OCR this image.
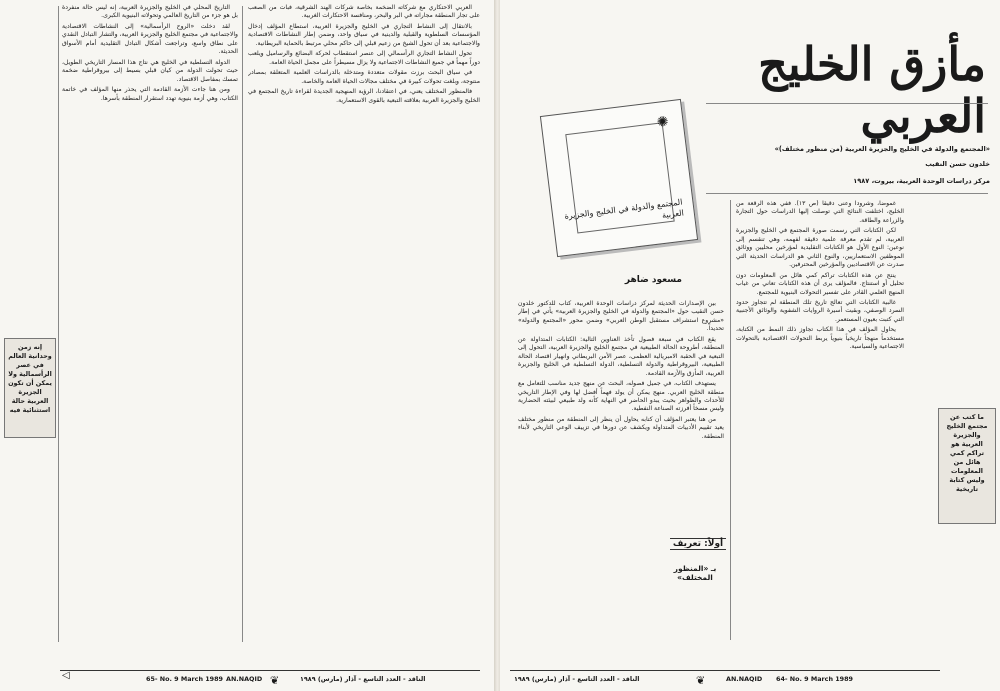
العربي الاحتكاري مع شركاته الضخمة بخاصة شركات الهند الشرقية، فبات من الصعب على تجار المنطقة مجاراته في البر والبحر، ومنافسة الاحتكارات الغربية.

بالانتقال إلى النشاط التجاري في الخليج والجزيرة العربية، استطاع المؤلف إدخال المؤسسات السلطوية والقبلية والدينية في سياق واحد، وضمن إطار النشاطات الاقتصادية والاجتماعية بعد أن تحول الشيخ من زعيم قبلي إلى حاكم محلي مرتبط بالحماية البريطانية.

تحول النشاط التجاري الرأسمالي إلى عنصر استقطاب لحركة البضائع والرساميل ويلعب دوراً مهماً في جميع النشاطات الاجتماعية ولا يزال مسيطراً على مجمل الحياة العامة.

في سياق البحث برزت مقولات متعددة ومتدخلة بالدراسات العلمية المتعلقة بمصادر منتوجة، وبلغت تحولات كبيرة في مختلف مجالات الحياة العامة والخاصة.

فالمنظور المختلف يعني، في اعتقادنا، الرؤية المنهجية الجديدة لقراءة تاريخ المجتمع في الخليج والجزيرة العربية بعلاقته التبعية بالقوى الاستعمارية.

التاريخ المحلي في الخليج والجزيرة العربية، إنه ليس حالة منفردة بل هو جزء من التاريخ العالمي وتحولاته البنيوية الكبرى.

لقد دخلت «الروح الرأسمالية» إلى النشاطات الاقتصادية والاجتماعية في مجتمع الخليج والجزيرة العربية، والتشار التبادل النقدي على نطاق واسع، وتراجعت أشكال التبادل التقليدية أمام الأسواق الحديثة.

الدولة التسلطية في الخليج هي نتاج هذا المسار التاريخي الطويل، حيث تحولت الدولة من كيان قبلي بسيط إلى بيروقراطية ضخمة تمسك بمفاصل الاقتصاد.

ومن هنا جاءت الأزمة القادمة التي يحذر منها المؤلف في خاتمة الكتاب، وهي أزمة بنيوية تهدد استقرار المنطقة بأسرها.

إنه زمن وحدانية العالم في عصر الرأسمالية ولا يمكن أن تكون الجزيرة العربية حالة استثنائية فيه
◁	65- No. 9 March 1989 AN.NAQID ❦	الناقد - العدد التاسع - آذار (مارس) ١٩٨٩
مأزق الخليج العربي
«المجتمع والدولة في الخليج والجزيرة العربية (من منظور مختلف)»
خلدون حسن النقيب
مركز دراسات الوحدة العربية، بيروت، ١٩٨٧
✺
المجتمع والدولة في الخليج والجزيرة العربية
مسعود ضاهر

بين الإصدارات الحديثة لمركز دراسات الوحدة العربية، كتاب للدكتور خلدون حسن النقيب حول «المجتمع والدولة في الخليج والجزيرة العربية» يأتي في إطار «مشروع استشراف مستقبل الوطن العربي» وضمن محور «المجتمع والدولة» تحديداً.

يقع الكتاب في سبعة فصول تأخذ العناوين التالية: الكتابات المتداولة عن المنطقة، أطروحة الحالة الطبيعية في مجتمع الخليج والجزيرة العربية، التحول إلى التبعية في الحقبة الامبريالية العظمى، عصر الأمن البريطاني وانهيار اقتصاد الحالة الطبيعية، البيروقراطية والدولة التسلطية، الدولة التسلطية في الخليج والجزيرة العربية، المأزق والأزمة القادمة.

يستهدف الكتاب، في جميل فصوله، البحث عن منهج جديد مناسب للتعامل مع منطقة الخليج العربي. منهج يمكن أن يولد فهماً أفضل لها وفي الإطار التاريخي للأحداث والظواهر بحيث يبدو الحاضر في النهاية كأنه ولد طبيعي لبيئته الحضارية وليس مسخاً أفرزته الصناعة النفطية.

من هنا يعتبر المؤلف أن كتابه يحاول أن ينظر إلى المنطقة من منظور مختلف يعيد تقييم الأدبيات المتداولة ويكشف عن دورها في تزييف الوعي التاريخي لأبناء المنطقة.

أولاً: تعريف
بـ «المنظور المختلف»

غموضاً، وشروداً وعنى دقيقاً (ص ١٣). ففي هذه الرقعة من الخليج، اختلفت النتائج التي توصلت إليها الدراسات حول التجارة والزراعة والطاقة.

لكن الكتابات التي رسمت صورة المجتمع في الخليج والجزيرة العربية، لم تقدم معرفة علمية دقيقة لفهمه، وهي تنقسم إلى نوعين: النوع الأول هو الكتابات التقليدية لمؤرخين محليين ووثائق الموظفين الاستعماريين، والنوع الثاني هو الدراسات الحديثة التي صدرت عن الاقتصاديين والمؤرخين المحترفين.

ينتج عن هذه الكتابات تراكم كمي هائل من المعلومات دون تحليل أو استنتاج. فالمؤلف يرى أن هذه الكتابات تعاني من غياب المنهج العلمي القادر على تفسير التحولات البنيوية للمجتمع.

غالبية الكتابات التي تعالج تاريخ تلك المنطقة لم تتجاوز حدود السرد الوصفي، وبقيت أسيرة الروايات الشفوية والوثائق الأجنبية التي كتبت بعيون المستعمر.

يحاول المؤلف في هذا الكتاب تجاوز ذلك النمط من الكتابة، مستخدماً منهجاً تاريخياً بنيوياً يربط التحولات الاقتصادية بالتحولات الاجتماعية والسياسية.

ما كتب عن مجتمع الخليج والجزيرة العربية هو تراكم كمي هائل من المعلومات وليس كتابة تاريخية
الناقد - العدد التاسع - آذار (مارس) ١٩٨٩	❦	AN.NAQID 64- No. 9 March 1989
